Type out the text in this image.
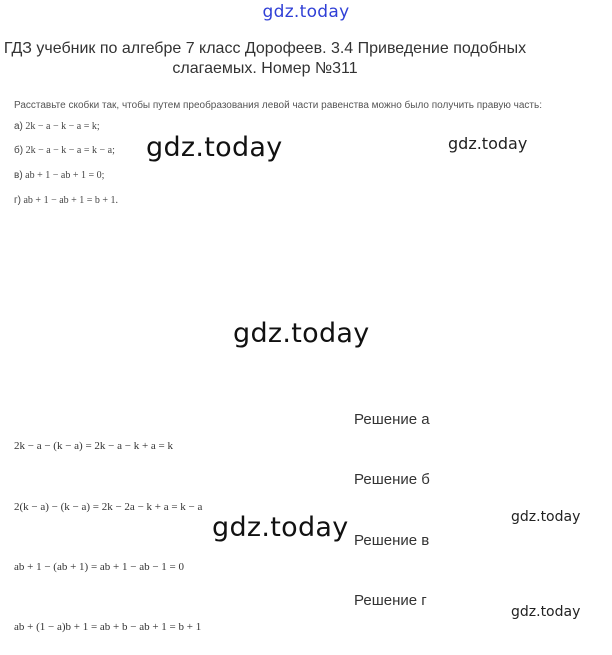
gdz.today
ГДЗ учебник по алгебре 7 класс Дорофеев. 3.4 Приведение подобных слагаемых. Номер №311
Расставьте скобки так, чтобы путем преобразования левой части равенства можно было получить правую часть:
а) 2k − a − k − a = k;
б) 2k − a − k − a = k − a;
в) ab + 1 − ab + 1 = 0;
г) ab + 1 − ab + 1 = b + 1.
gdz.today	gdz.today
gdz.today
Решение а
2k − a − (k − a) = 2k − a − k + a = k
Решение б
2(k − a) − (k − a) = 2k − 2a − k + a = k − a
gdz.today	gdz.today
Решение в
ab + 1 − (ab + 1) = ab + 1 − ab − 1 = 0
Решение г
gdz.today
ab + (1 − a)b + 1 = ab + b − ab + 1 = b + 1
